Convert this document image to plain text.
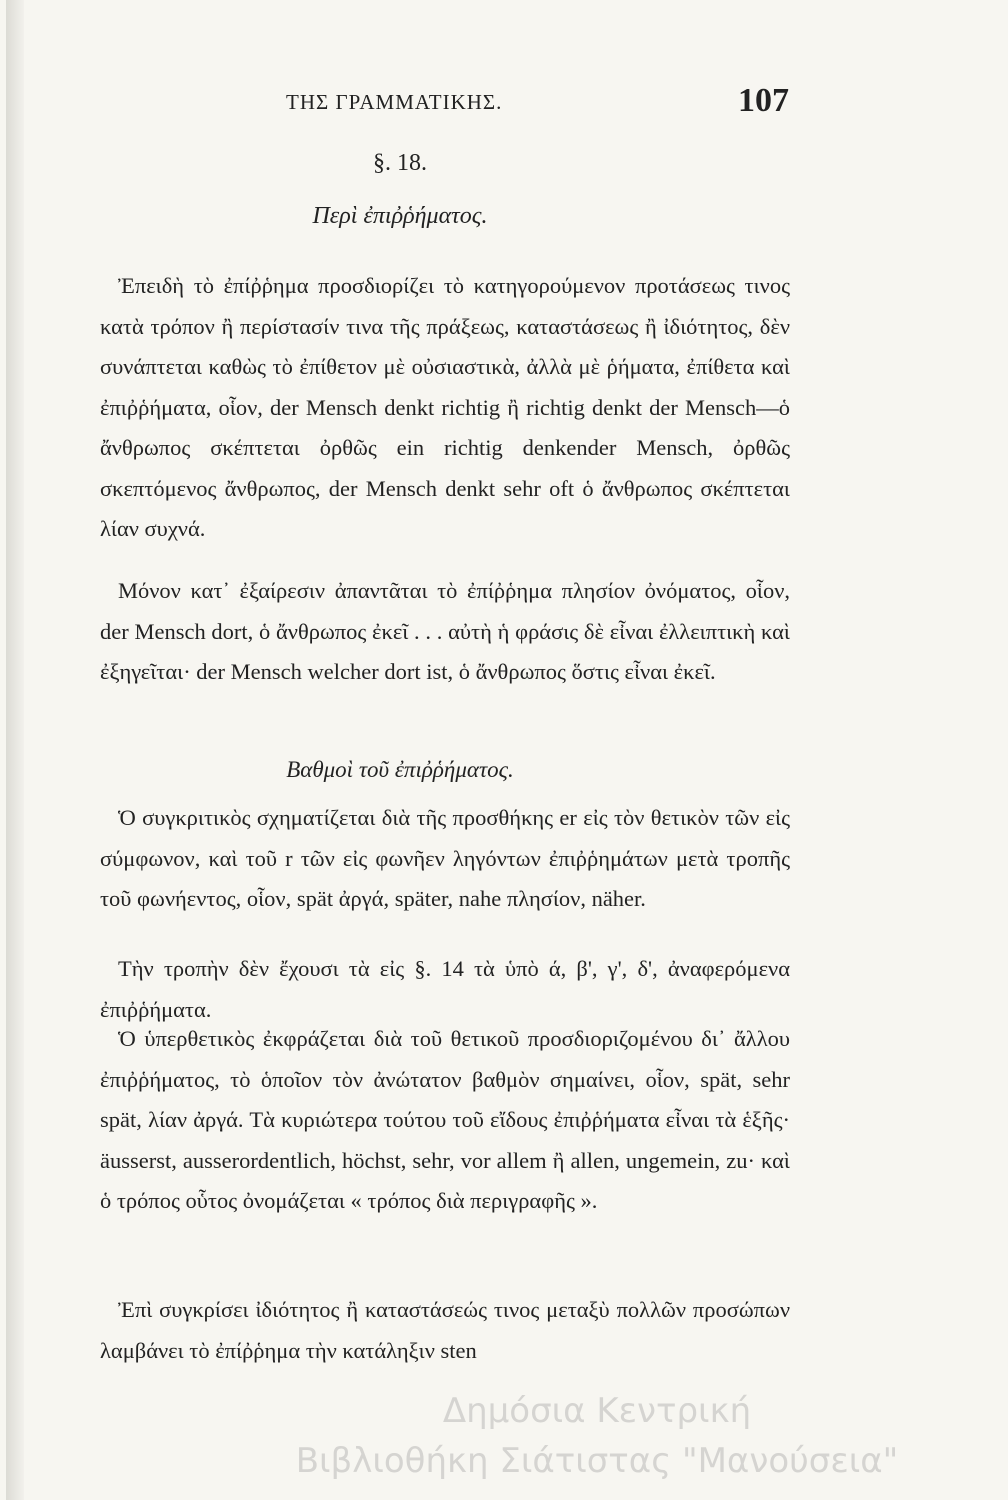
ΤΗΣ ΓΡΑΜΜΑΤΙΚΗΣ.	107
§. 18.
Περὶ ἐπιῤῥήματος.
Ἐπειδὴ τὸ ἐπίῤῥημα προσδιορίζει τὸ κατηγορούμενον προτάσεως τινος κατὰ τρόπον ἢ περίστασίν τινα τῆς πράξεως, καταστάσεως ἢ ἰδιότητος, δὲν συνάπτεται καθὼς τὸ ἐπίθετον μὲ οὐσιαστικὰ, ἀλλὰ μὲ ῥήματα, ἐπίθετα καὶ ἐπιῤῥήματα, οἷον, der Mensch denkt richtig ἢ richtig denkt der Mensch—ὁ ἄνθρωπος σκέπτεται ὀρθῶς ein richtig denkender Mensch, ὀρθῶς σκεπτόμενος ἄνθρωπος, der Mensch denkt sehr oft ὁ ἄνθρωπος σκέπτεται λίαν συχνά.
Μόνον κατ᾽ ἐξαίρεσιν ἀπαντᾶται τὸ ἐπίῤῥημα πλησίον ὀνόματος, οἷον, der Mensch dort, ὁ ἄνθρωπος ἐκεῖ . . . αὐτὴ ἡ φράσις δὲ εἶναι ἐλλειπτικὴ καὶ ἐξηγεῖται· der Mensch welcher dort ist, ὁ ἄνθρωπος ὅστις εἶναι ἐκεῖ.
Βαθμοὶ τοῦ ἐπιῤῥήματος.
Ὁ συγκριτικὸς σχηματίζεται διὰ τῆς προσθήκης er εἰς τὸν θετικὸν τῶν εἰς σύμφωνον, καὶ τοῦ r τῶν εἰς φωνῆεν ληγόντων ἐπιῤῥημάτων μετὰ τροπῆς τοῦ φωνήεντος, οἷον, spät ἀργά, später, nahe πλησίον, näher.
Τὴν τροπὴν δὲν ἔχουσι τὰ εἰς §. 14 τὰ ὑπὸ ά, β', γ', δ', ἀναφερόμενα ἐπιῤῥήματα.
Ὁ ὑπερθετικὸς ἐκφράζεται διὰ τοῦ θετικοῦ προσδιοριζομένου δι᾽ ἄλλου ἐπιῤῥήματος, τὸ ὁποῖον τὸν ἀνώτατον βαθμὸν σημαίνει, οἷον, spät, sehr spät, λίαν ἀργά. Τὰ κυριώτερα τούτου τοῦ εἴδους ἐπιῤῥήματα εἶναι τὰ ἑξῆς· äusserst, ausserordentlich, höchst, sehr, vor allem ἢ allen, ungemein, zu· καὶ ὁ τρόπος οὗτος ὀνομάζεται « τρόπος διὰ περιγραφῆς ».
Ἐπὶ συγκρίσει ἰδιότητος ἢ καταστάσεώς τινος μεταξὺ πολλῶν προσώπων λαμβάνει τὸ ἐπίῤῥημα τὴν κατάληξιν sten
Δημόσια Κεντρική
Βιβλιοθήκη Σιάτιστας "Μανούσεια"
